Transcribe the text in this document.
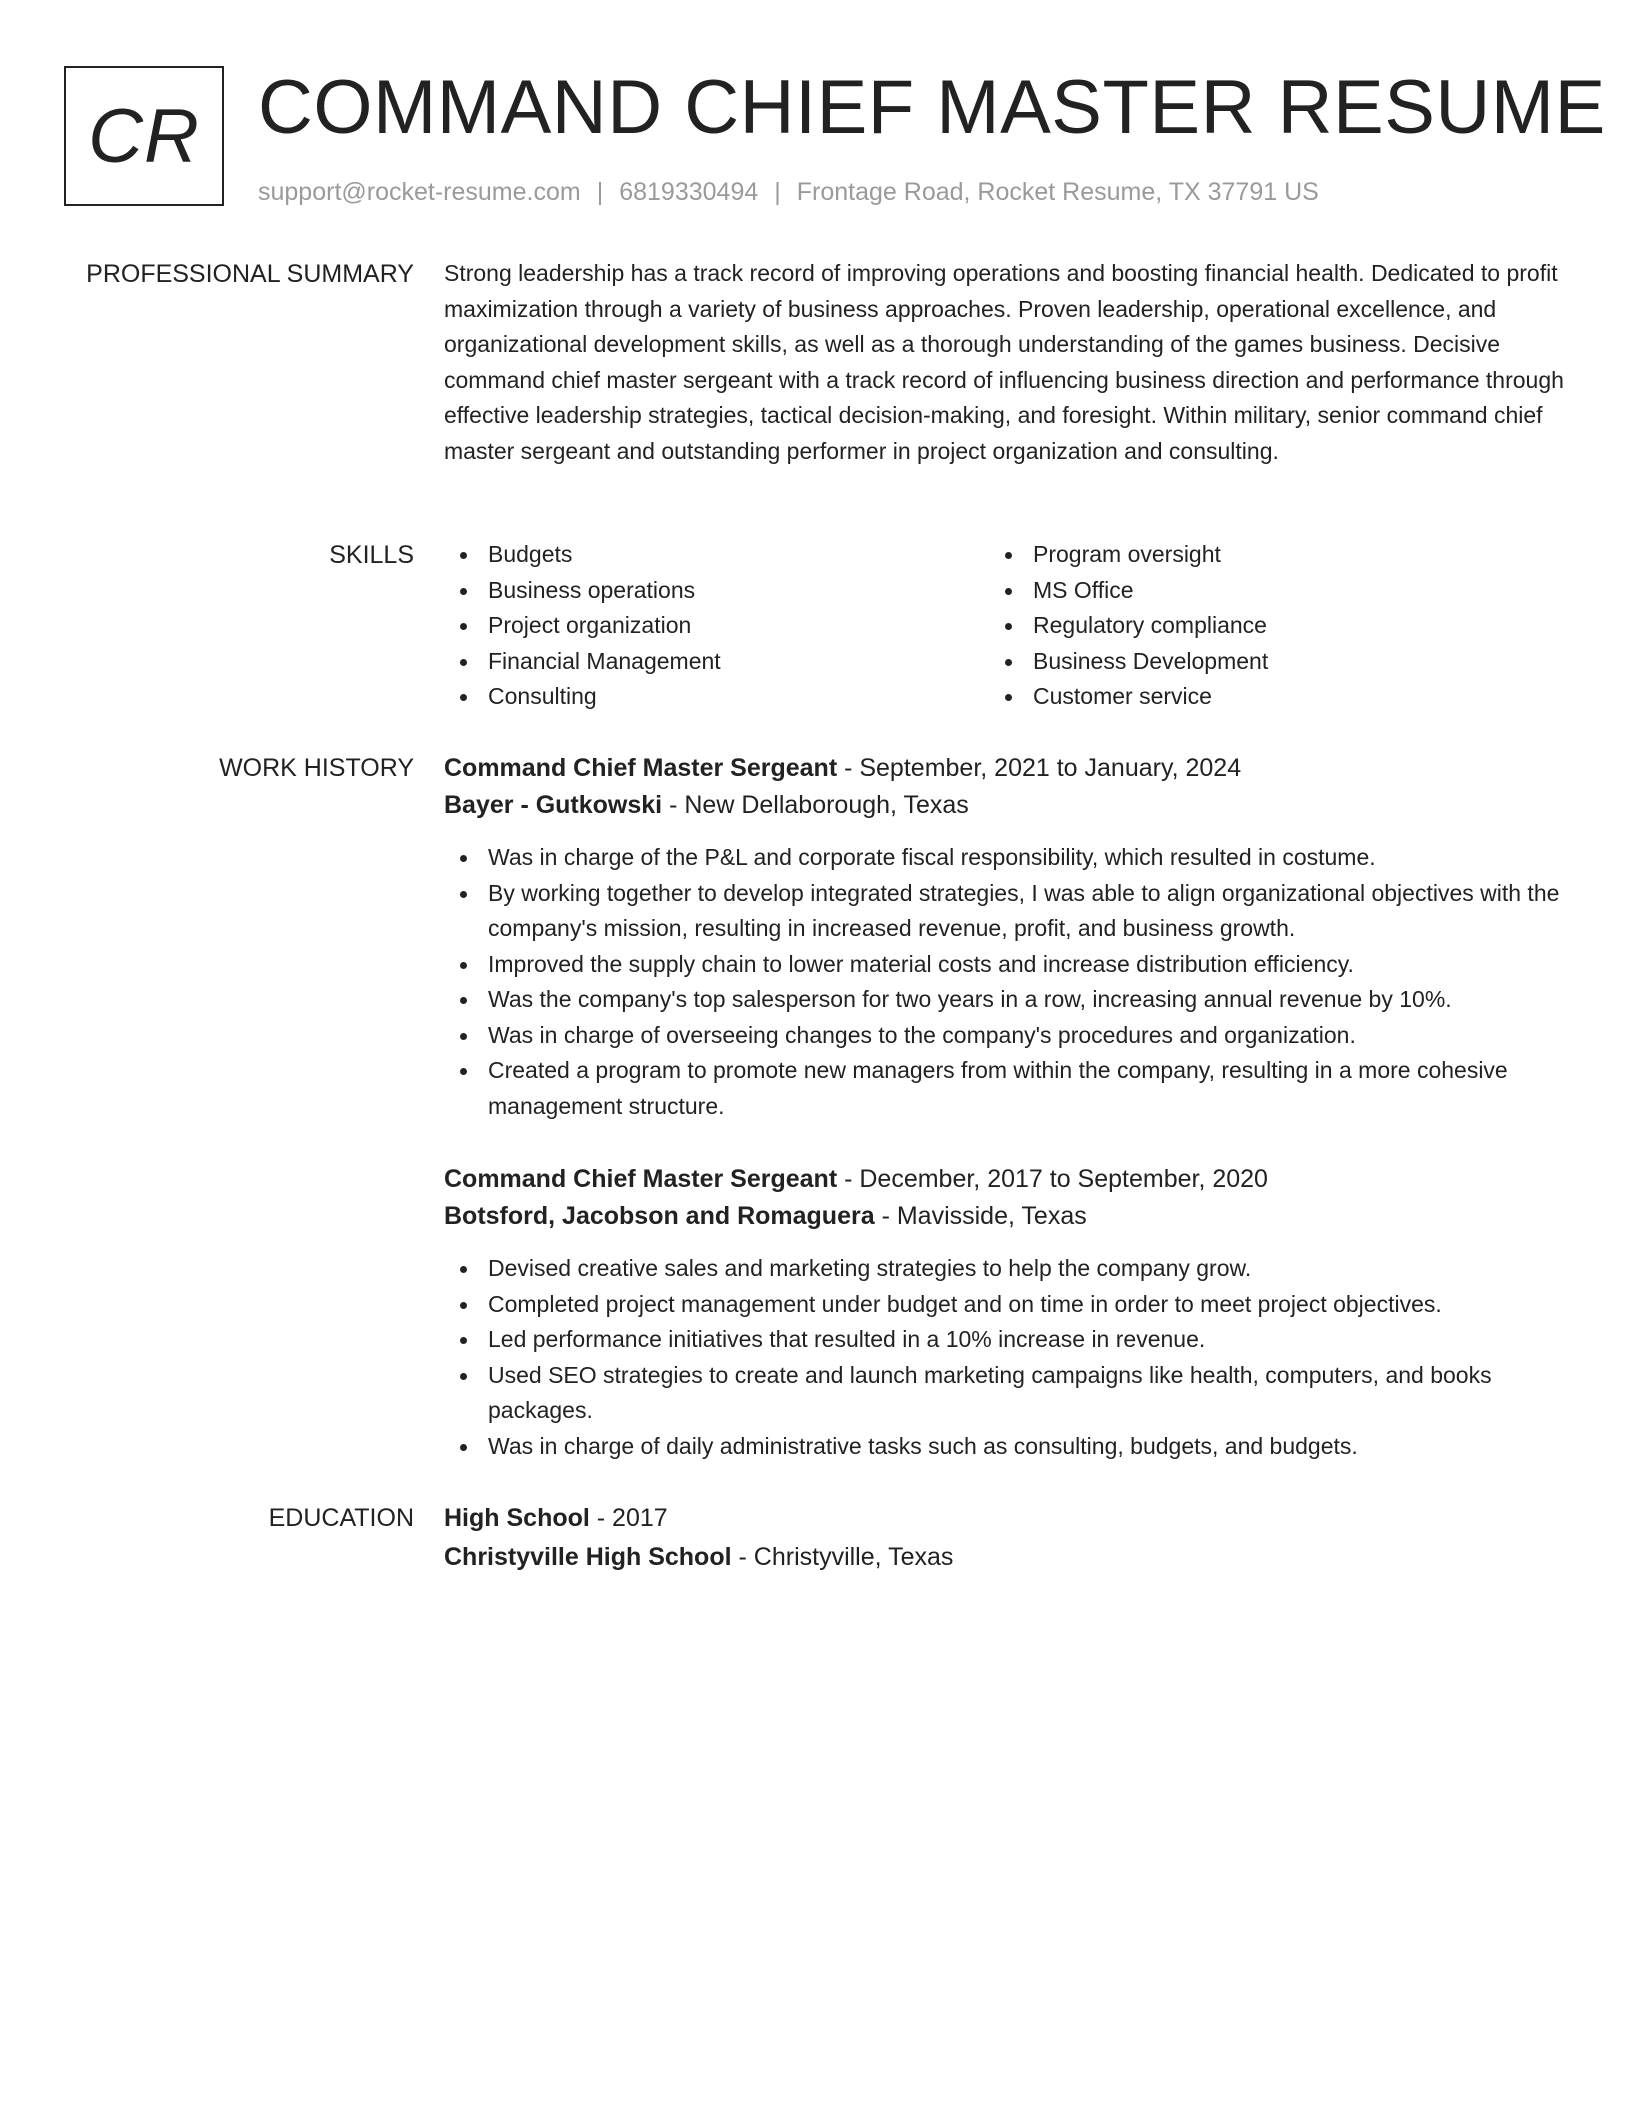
CR COMMAND CHIEF MASTER RESUME
support@rocket-resume.com | 6819330494 | Frontage Road, Rocket Resume, TX 37791 US
PROFESSIONAL SUMMARY Strong leadership has a track record of improving operations and boosting financial health. Dedicated to profit maximization through a variety of business approaches. Proven leadership, operational excellence, and organizational development skills, as well as a thorough understanding of the games business. Decisive command chief master sergeant with a track record of influencing business direction and performance through effective leadership strategies, tactical decision-making, and foresight. Within military, senior command chief master sergeant and outstanding performer in project organization and consulting.

SKILLS	Budgets
Business operations
Project organization
Financial Management
Consulting
Program oversight
MS Office
Regulatory compliance
Business Development
Customer service
WORK HISTORY Command Chief Master Sergeant - September, 2021 to January, 2024
Bayer - Gutkowski - New Dellaborough, Texas
Was in charge of the P&L and corporate fiscal responsibility, which resulted in costume.
By working together to develop integrated strategies, I was able to align organizational objectives with the company's mission, resulting in increased revenue, profit, and business growth.
Improved the supply chain to lower material costs and increase distribution efficiency.
Was the company's top salesperson for two years in a row, increasing annual revenue by 10%.
Was in charge of overseeing changes to the company's procedures and organization.
Created a program to promote new managers from within the company, resulting in a more cohesive management structure.
Command Chief Master Sergeant - December, 2017 to September, 2020
Botsford, Jacobson and Romaguera - Mavisside, Texas
Devised creative sales and marketing strategies to help the company grow.
Completed project management under budget and on time in order to meet project objectives.
Led performance initiatives that resulted in a 10% increase in revenue.
Used SEO strategies to create and launch marketing campaigns like health, computers, and books packages.
Was in charge of daily administrative tasks such as consulting, budgets, and budgets.
EDUCATION High School - 2017
Christyville High School - Christyville, Texas
